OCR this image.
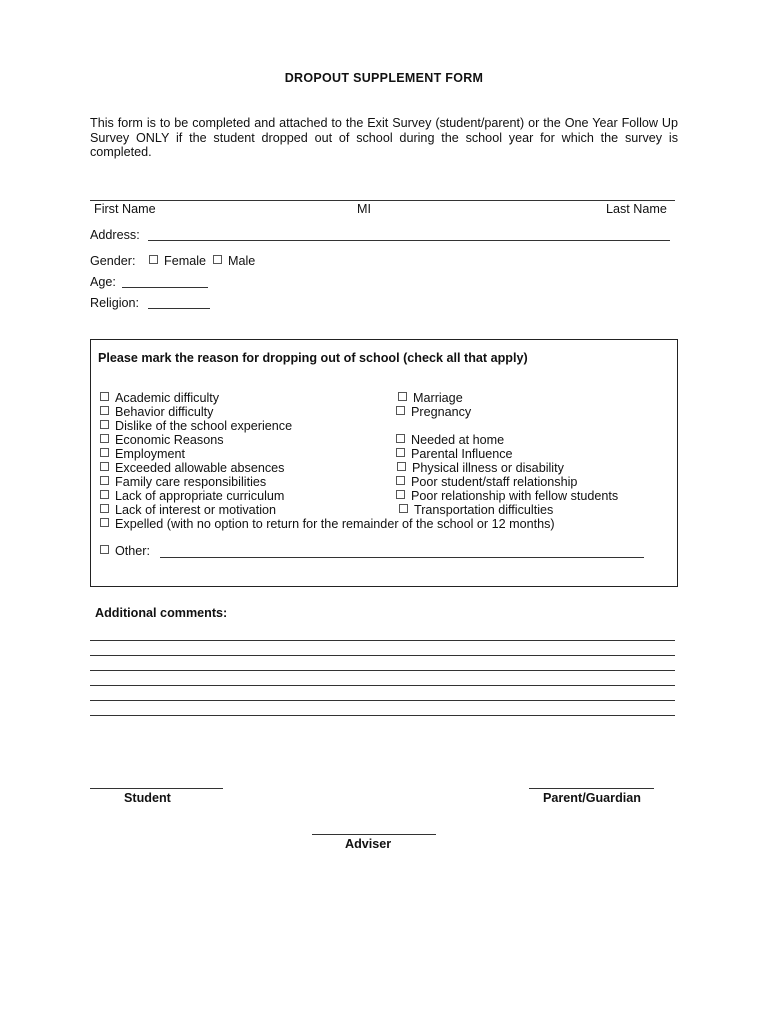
DROPOUT SUPPLEMENT FORM
This form is to be completed and attached to the Exit Survey (student/parent) or the One Year Follow Up Survey ONLY if the student dropped out of school during the school year for which the survey is completed.
First Name	MI	Last Name
Address:
Gender:	Female	Male
Age:
Religion:
Please mark the reason for dropping out of school (check all that apply)
Academic difficulty
Behavior difficulty
Dislike of the school experience
Economic Reasons
Employment
Exceeded allowable absences
Family care responsibilities
Lack of appropriate curriculum
Lack of interest or motivation
Expelled (with no option to return for the remainder of the school or 12 months)
Marriage
Pregnancy
Needed at home
Parental Influence
Physical illness or disability
Poor student/staff relationship
Poor relationship with fellow students
Transportation difficulties
Other:
Additional comments:
Student	Parent/Guardian
Adviser
